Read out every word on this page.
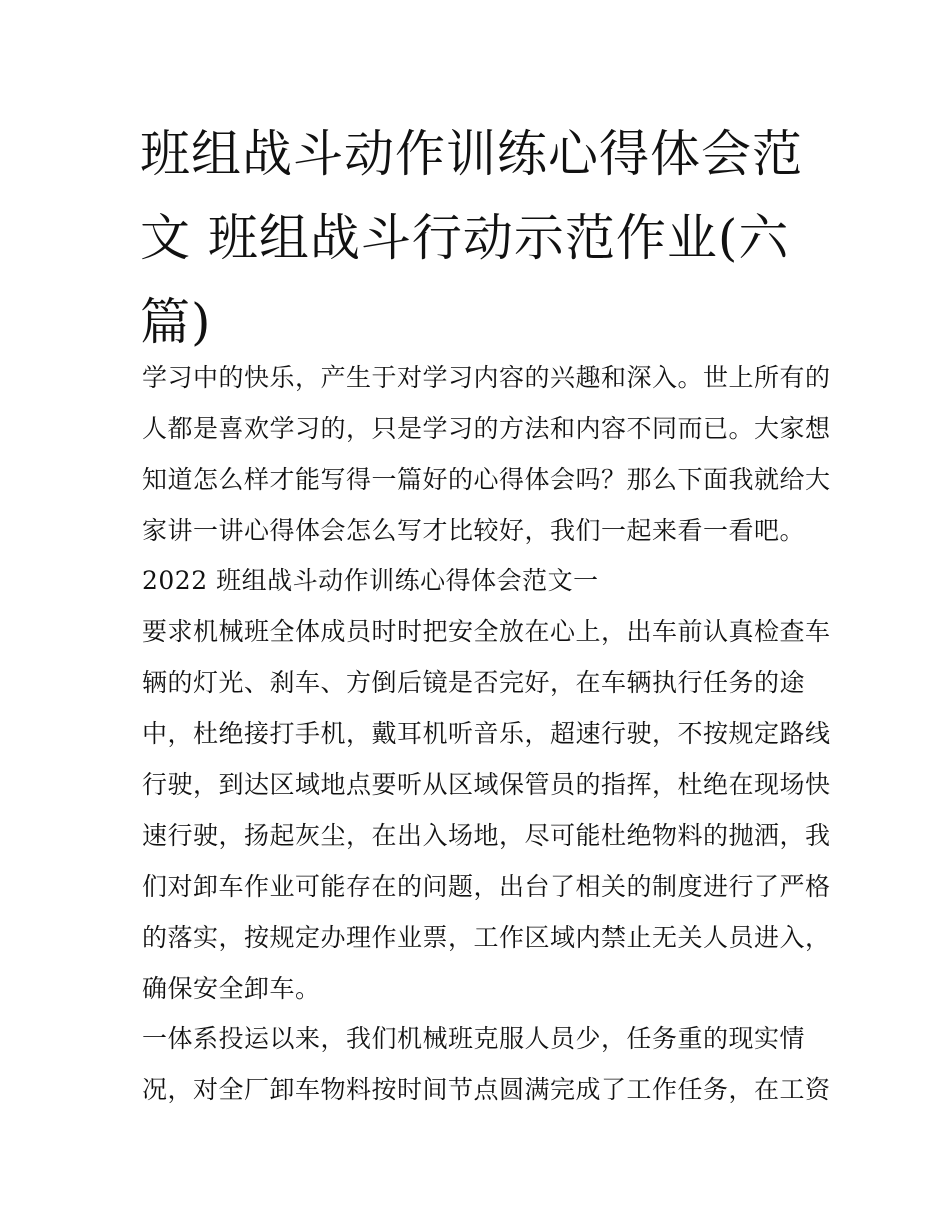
班组战斗动作训练心得体会范
文 班组战斗行动示范作业(六
篇)
学习中的快乐，产生于对学习内容的兴趣和深入。世上所有的
人都是喜欢学习的，只是学习的方法和内容不同而已。大家想
知道怎么样才能写得一篇好的心得体会吗？那么下面我就给大
家讲一讲心得体会怎么写才比较好，我们一起来看一看吧。
2022 班组战斗动作训练心得体会范文一
要求机械班全体成员时时把安全放在心上，出车前认真检查车
辆的灯光、刹车、方倒后镜是否完好，在车辆执行任务的途
中，杜绝接打手机，戴耳机听音乐，超速行驶，不按规定路线
行驶，到达区域地点要听从区域保管员的指挥，杜绝在现场快
速行驶，扬起灰尘，在出入场地，尽可能杜绝物料的抛洒，我
们对卸车作业可能存在的问题，出台了相关的制度进行了严格
的落实，按规定办理作业票，工作区域内禁止无关人员进入，
确保安全卸车。
一体系投运以来，我们机械班克服人员少，任务重的现实情
况，对全厂卸车物料按时间节点圆满完成了工作任务，在工资
